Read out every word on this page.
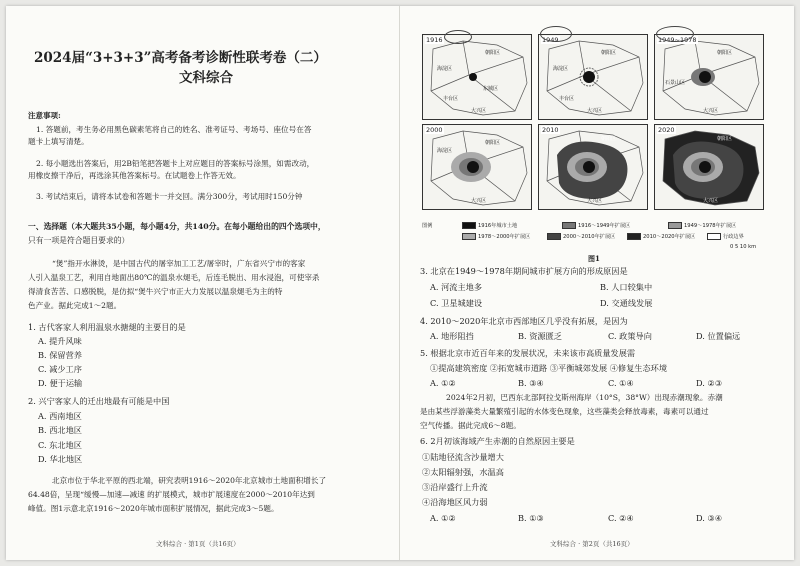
2024届“3+3+3”高考备考诊断性联考卷（二）
文科综合
注意事项:
1. 答题前，考生务必用黑色碳素笔将自己的姓名、准考证号、考场号、座位号在答
题卡上填写清楚。
2. 每小题选出答案后，用2B铅笔把答题卡上对应题目的答案标号涂黑，如需改动，
用橡皮擦干净后，再选涂其他答案标号。在试题卷上作答无效。
3. 考试结束后，请将本试卷和答题卡一并交回。满分300分，考试用时150分钟
一、选择题（本大题共35小题，每小题4分，共140分。在每小题给出的四个选项中，
只有一项是符合题目要求的）
“煲”指开水淋烫，是中国古代的屠宰加工工艺/屠宰时，广东省兴宁市的客家
人引入温泉工艺，利用自地面出80℃的温泉水煺毛，后连毛脱出、用水浸泡，可使宰杀
得清食苦苦、口感脱脱，是仿拟“煲牛兴宁市正大力发展以温泉煺毛为主的特
色产业。据此完成1～2题。
1. 古代客家人利用温泉水搪煺的主要目的是
A. 提升风味
B. 保留营养
C. 减少工序
D. 便于运输
2. 兴宁客家人的迁出地最有可能是中国
A. 西南地区
B. 西北地区
C. 东北地区
D. 华北地区
北京市位于华北平原的西北端，研究表明1916～2020年北京城市土地面积增长了
64.48倍，呈现“缓慢—加速—减速 的扩展模式，城市扩展速度在2000～2010年达到
峰值。图1示意北京1916～2020年城市面积扩展情况，据此完成3～5题。
文科综合 · 第1页（共16页）
1916
朝阳区
海淀区
东城区
丰台区
大兴区
1949
朝阳区
海淀区
丰台区
大兴区
1949~1978
朝阳区
石景山区
大兴区
2000
朝阳区
海淀区
大兴区
2010
朝阳区
大兴区
2020
朝阳区
大兴区
图例	1916年城市土地	1916～1949年扩展区	1949～1978年扩展区
1978～2000年扩展区	2000～2010年扩展区	2010～2020年扩展区	行政边界
0 5 10 km
图1
3. 北京在1949～1978年期间城市扩展方向的形成原因是
A. 河流主地多	B. 人口较集中
C. 卫星城建设	D. 交通线发展
4. 2010～2020年北京市西部地区几乎没有拓展，是因为
A. 地形阻挡	B. 资源匮乏	C. 政策导向	D. 位置偏远
5. 根据北京市近百年来的发展状况，未来该市高质量发展需
①提高建筑密度 ②拓宽城市道路 ③平衡城郊发展 ④修复生态环境
A. ①②	B. ③④	C. ①④	D. ②③
2024年2月初，巴西东北部阿拉戈斯州海岸（10°S，38°W）出现赤潮现象。赤潮
是由某些浮游藻类大量繁殖引起的水体变色现象，这些藻类会释放毒素，毒素可以通过
空气传播。据此完成6～8题。
6. 2月初该海域产生赤潮的自然原因主要是
①陆地径流含沙量增大
②太阳辐射强，水温高
③沿岸盛行上升流
④沿海地区风力弱
A. ①②	B. ①③	C. ②④	D. ③④
文科综合 · 第2页（共16页）
